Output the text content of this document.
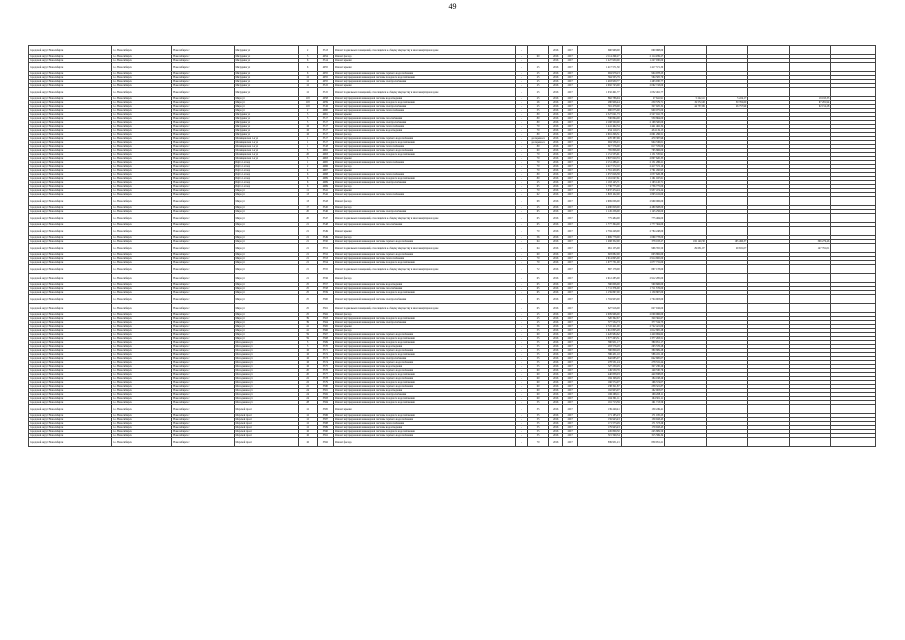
49
городской округ Новосибирск	г.о. Новосибирск	Новосибирск г	Мичурина ул	2	3513	Ремонт подвальных помещений, относящихся к общему имуществу в многоквартирном доме	-		2016	2017	690 968,00	690 968,00					
городской округ Новосибирск	г.о. Новосибирск	Новосибирск г	Мичурина ул	5	4954	Ремонт фасада	-	60	2016	2017	2 114 299,27	2 114 299,27					
городской округ Новосибирск	г.о. Новосибирск	Новосибирск г	Мичурина ул	6	3514	Ремонт крыши	-		2016	2017	1 227 930,00	1 227 930,00					
городской округ Новосибирск	г.о. Новосибирск	Новосибирск г	Мичурина ул	6	4955	Ремонт крыши	-	25	2016	2017	1 417 571,30	1 417 571,30					
городской округ Новосибирск	г.о. Новосибирск	Новосибирск г	Мичурина ул	6	4955	Ремонт внутридомовой инженерной системы горячего водоснабжения	-	25	2016	2017	904 978,23	904 978,23					
городской округ Новосибирск	г.о. Новосибирск	Новосибирск г	Мичурина ул	12	4955	Ремонт внутридомовой инженерной системы холодного водоснабжения	-	25	2016	2017	564 505,79	564 505,79					
городской округ Новосибирск	г.о. Новосибирск	Новосибирск г	Мичурина ул	12	4955	Ремонт внутридомовой инженерной системы электроснабжения	-	25	2016	2017	1 463 930,77	1 463 930,77					
городской округ Новосибирск	г.о. Новосибирск	Новосибирск г	Мичурина ул	12	3515	Ремонт крыши	-	25	2016	2017	2 092 743,00	2 092 743,00					
городской округ Новосибирск	г.о. Новосибирск	Новосибирск г	Мичурина ул	12	3515	Ремонт подвальных помещений, относящихся к общему имуществу в многоквартирном доме	-	25	2016	2017	1 032 491,77	1 032 491,77					
городской округ Новосибирск	г.о. Новосибирск	Новосибирск г	Мира ул	118	4958	Ремонт внутридомовой инженерной системы водоотведения	-	25	2016	2017	862 786,94	27 641,91	5 222,41	5 224,17		19 195,33	
городской округ Новосибирск	г.о. Новосибирск	Новосибирск г	Мира ул	118	4959	Ремонт внутридомовой инженерной системы холодного водоснабжения	-	26	2016	2017	280 906,44	250 579,71	19 572,48	30 762,60		97 281,94	
городской округ Новосибирск	г.о. Новосибирск	Новосибирск г	Мира ул	118	3516	Ремонт внутридомовой инженерной системы электроснабжения	-	25	2016	2017	591 478,00	327 925,32	44 757,99	26 757,99		92 152,28	
городской округ Новосибирск	г.о. Новосибирск	Новосибирск г	Мира ул	2	4960	Ремонт внутридомовой инженерной системы теплоснабжения	-	55	2016	2017	900 075,00	900 075,00					
городской округ Новосибирск	г.о. Новосибирск	Новосибирск г	Мичурина ул	5	4961	Ремонт крыши	-	80	2016	2017	2 527 041,73	2 527 041,73					
городской округ Новосибирск	г.о. Новосибирск	Новосибирск г	Мичурина ул	5	3517	Ремонт внутридомовой инженерной системы газоснабжения	-	80	2016	2017	530 864,00	530 864,00					
городской округ Новосибирск	г.о. Новосибирск	Новосибирск г	Мичурина ул	5	3517	Ремонт внутридомовой инженерной системы электроснабжения	-	80	2016	2017	2 168 500,00	2 168 500,00					
городской округ Новосибирск	г.о. Новосибирск	Новосибирск г	Мичурина ул	16	3517	Ремонт внутридомовой инженерной системы теплоснабжения	-	70	2016	2017	1 441 462,34	1 441 462,34					
городской округ Новосибирск	г.о. Новосибирск	Новосибирск г	Мичурина ул	16	3517	Ремонт внутридомовой инженерной системы водоотведения	-	70	2016	2017	454 119,15	454 119,15					
городской округ Новосибирск	г.о. Новосибирск	Новосибирск г	Мичурина ул	16	3517	Ремонт фасада	-	80	2016	2017	2 691 296,51	2 691 296,51					
городской округ Новосибирск	г.о. Новосибирск	Новосибирск г	Мочищенская 1-я ул	1	3517	Ремонт внутридомовой инженерной системы горячего водоснабжения	-	до переноса	2016	2017	470 387,96	470 387,96					
городской округ Новосибирск	г.о. Новосибирск	Новосибирск г	Мочищенская 1-я ул	1	3517	Ремонт внутридомовой инженерной системы холодного водоснабжения	-	до переноса	2016	2017	904 536,01	904 536,01					
городской округ Новосибирск	г.о. Новосибирск	Новосибирск г	Мочищенская 1-я ул	1	3518	Ремонт внутридомовой инженерной системы теплоснабжения	-	80	2016	2017	617 576,00	617 576,00					
городской округ Новосибирск	г.о. Новосибирск	Новосибирск г	Мочищенская 1-я ул	5	4962	Ремонт внутридомовой инженерной системы горячего водоснабжения	-	60	2016	2017	765 806,00	765 806,00					
городской округ Новосибирск	г.о. Новосибирск	Новосибирск г	Мочищенская 1-я ул	20	4963	Ремонт внутридомовой инженерной системы холодного водоснабжения	-	70	2016	2017	1 151 535,91	1 151 535,91					
городской округ Новосибирск	г.о. Новосибирск	Новосибирск г	Мочищенская 1-я ул	5	4963	Ремонт крыши	-	70	2016	2017	2 807 620,33	2 807 620,33					
городской округ Новосибирск	г.о. Новосибирск	Новосибирск г	Ифта 1-й пер	1	4965	Ремонт внутридомовой инженерной системы теплоснабжения	-	70	2016	2017	2 151 286,21	2 151 286,21					
городской округ Новосибирск	г.о. Новосибирск	Новосибирск г	Ифта 1-й пер	2	4966	Ремонт фасада	-	70	2016	2017	2 417 572,10	2 417 572,10					
городской округ Новосибирск	г.о. Новосибирск	Новосибирск г	Ифта 1-й пер	4	4967	Ремонт крыши	-	70	2016	2017	1 761 450,95	1 761 450,95					
городской округ Новосибирск	г.о. Новосибирск	Новосибирск г	Ифта 1-й пер	6	4968	Ремонт внутридомовой инженерной системы теплоснабжения	-	80	2016	2017	1 057 626,38	1 057 626,38					
городской округ Новосибирск	г.о. Новосибирск	Новосибирск г	Ифта 1-й пер	6	4969	Ремонт внутридомовой инженерной системы холодного водоснабжения	-	80	2016	2017	1 161 047,61	1 161 047,61					
городской округ Новосибирск	г.о. Новосибирск	Новосибирск г	Ифта 1-й пер	6	4969	Ремонт внутридомовой инженерной системы электроснабжения	-	25	2016	2017	1 163 145,71	1 163 145,71					
городской округ Новосибирск	г.о. Новосибирск	Новосибирск г	Ифта 1-й пер	6	4969	Ремонт фасада	-	65	2016	2017	1 736 775,00	1 736 775,00					
городской округ Новосибирск	г.о. Новосибирск	Новосибирск г	Мира ул	11	3541	Ремонт крыши	-	70	2016	2017	5 937 474,24	5 937 474,24					
городской округ Новосибирск	г.о. Новосибирск	Новосибирск г	Мира ул	13	3542	Ремонт внутридомовой инженерной системы теплоснабжения	-	62	2016	2017	1 803 102,00	1 803 102,00					
городской округ Новосибирск	г.о. Новосибирск	Новосибирск г	Мира ул	13	3543	Ремонт фасада	-	68	2016	2017	2 969 006,00	2 969 006,00					
городской округ Новосибирск	г.о. Новосибирск	Новосибирск г	Мира ул	17	3545	Ремонт фасада	-	25	2016	2017	4 480 828,00	4 480 828,00					
городской округ Новосибирск	г.о. Новосибирск	Новосибирск г	Мира ул	20	3546	Ремонт внутридомовой инженерной системы электроснабжения	-	65	2016	2017	1 145 256,00	1 145 256,00					
городской округ Новосибирск	г.о. Новосибирск	Новосибирск г	Мира ул	20	3547	Ремонт подвальных помещений, относящихся к общему имуществу в многоквартирном доме	-	65	2016	2017	775 484,00	775 484,00					
городской округ Новосибирск	г.о. Новосибирск	Новосибирск г	Мира ул	21	3548	Ремонт внутридомовой инженерной системы газоснабжения	-	65	2016	2017	1 777 364,00	1 777 364,00					
городской округ Новосибирск	г.о. Новосибирск	Новосибирск г	Мира ул	21	3549	Ремонт крыши	-	70	2016	2017	2 784 248,00	2 784 248,00					
городской округ Новосибирск	г.о. Новосибирск	Новосибирск г	Мира ул	21	3549	Ремонт фасада	-	56	2016	2017	1 669 778,00	1 669 778,00					
городской округ Новосибирск	г.о. Новосибирск	Новосибирск г	Мира ул	21	3550	Ремонт внутридомовой инженерной системы горячего водоснабжения	-	64	2016	2017	1 268 352,00	378 183,27	182 140,38	165 490,37		306 279,46	
городской округ Новосибирск	г.о. Новосибирск	Новосибирск г	Мира ул	21	3551	Ремонт подвальных помещений, относящихся к общему имуществу в многоквартирном доме	-	64	2016	2017	961 155,00	966 355,50	29 631,07	29 631,07		147 791,01	
городской округ Новосибирск	г.о. Новосибирск	Новосибирск г	Мира ул	21	3552	Ремонт внутридомовой инженерной системы горячего водоснабжения	-	60	2016	2017	603 882,00	603 882,00					
городской округ Новосибирск	г.о. Новосибирск	Новосибирск г	Мира ул	21	3553	Ремонт внутридомовой инженерной системы теплоснабжения	-	70	2016	2017	2 914 695,00	2 914 695,00					
городской округ Новосибирск	г.о. Новосибирск	Новосибирск г	Мира ул	21	3554	Ремонт внутридомовой инженерной системы холодного водоснабжения	-	70	2016	2017	1 077 731,00	1 077 731,00					
городской округ Новосибирск	г.о. Новосибирск	Новосибирск г	Мира ул	21	3555	Ремонт подвальных помещений, относящихся к общему имуществу в многоквартирном доме	-	72	2016	2017	867 178,00	867 178,00					
городской округ Новосибирск	г.о. Новосибирск	Новосибирск г	Мира ул	21	3556	Ремонт фасада	-	65	2016	2017	2 912 285,00	2 912 285,00					
городской округ Новосибирск	г.о. Новосибирск	Новосибирск г	Мира ул	25	3557	Ремонт внутридомовой инженерной системы водоотведения	-	65	2016	2017	590 606,00	590 606,00					
городской округ Новосибирск	г.о. Новосибирск	Новосибирск г	Мира ул	25	3558	Ремонт внутридомовой инженерной системы газоснабжения	-	65	2016	2017	1 711 376,00	1 711 376,00					
городской округ Новосибирск	г.о. Новосибирск	Новосибирск г	Мира ул	25	3559	Ремонт внутридомовой инженерной системы холодного водоснабжения	-	65	2016	2017	1 159 867,00	1 159 867,00					
городской округ Новосибирск	г.о. Новосибирск	Новосибирск г	Мира ул	25	3560	Ремонт внутридомовой инженерной системы электроснабжения	-	65	2016	2017	1 704 903,00	1 704 903,00					
городской округ Новосибирск	г.о. Новосибирск	Новосибирск г	Мира ул	25	3561	Ремонт подвальных помещений, относящихся к общему имуществу в многоквартирном доме	-	65	2016	2017	627 916,00	627 916,00					
городской округ Новосибирск	г.о. Новосибирск	Новосибирск г	Мира ул	25	3562	Ремонт фасада	-	25	2016	2017	2 009 966,00	2 009 966,00					
городской округ Новосибирск	г.о. Новосибирск	Новосибирск г	Мира ул	39	3563	Ремонт внутридомовой инженерной системы холодного водоснабжения	-	25	2016	2017	320 362,67	320 362,67					
городской округ Новосибирск	г.о. Новосибирск	Новосибирск г	Мира ул	39	3564	Ремонт внутридомовой инженерной системы электроснабжения	-	25	2016	2017	377 534,73	377 534,73					
городской округ Новосибирск	г.о. Новосибирск	Новосибирск г	Мира ул	41	3565	Ремонт крыши	-	56	2016	2017	2 722 421,00	2 722 421,00					
городской округ Новосибирск	г.о. Новосибирск	Новосибирск г	Мира ул	41	3566	Ремонт фасада	-	55	2016	2017	1 612 805,28	1 612 805,28					
городской округ Новосибирск	г.о. Новосибирск	Новосибирск г	Мира ул	59	3567	Ремонт внутридомовой инженерной системы горячего водоснабжения	-	60	2016	2017	1 420 984,62	1 420 984,62					
городской округ Новосибирск	г.о. Новосибирск	Новосибирск г	Мира ул	59	3568	Ремонт внутридомовой инженерной системы холодного водоснабжения	-	55	2016	2017	1 377 263,51	1 377 263,51					
городской округ Новосибирск	г.о. Новосибирск	Новосибирск г	Молодежная ул	3	3569	Ремонт внутридомовой инженерной системы холодного водоснабжения	-	55	2016	2017	380 951,17	380 951,17					
городской округ Новосибирск	г.о. Новосибирск	Новосибирск г	Молодежная ул	3	3570	Ремонт внутридомовой инженерной системы водоотведения	-	55	2016	2017	293 576,28	293 576,28					
городской округ Новосибирск	г.о. Новосибирск	Новосибирск г	Молодежная ул	16	3571	Ремонт внутридомовой инженерной системы горячего водоснабжения	-	55	2016	2017	380 809,28	380 809,28					
городской округ Новосибирск	г.о. Новосибирск	Новосибирск г	Молодежная ул	16	3572	Ремонт внутридомовой инженерной системы холодного водоснабжения	-	55	2016	2017	586 431,10	586 431,10					
городской округ Новосибирск	г.о. Новосибирск	Новосибирск г	Молодежная ул	16	3573	Ремонт внутридомовой инженерной системы электроснабжения	-	55	2016	2017	642 685,07	642 685,07					
городской округ Новосибирск	г.о. Новосибирск	Новосибирск г	Молодежная ул	16	3574	Ремонт внутридомовой инженерной системы горячего водоснабжения	-	55	2016	2017	278 531,24	278 531,24					
городской округ Новосибирск	г.о. Новосибирск	Новосибирск г	Молодежная ул	16	3575	Ремонт внутридомовой инженерной системы водоотведения	-	55	2016	2017	327 230,29	327 230,29					
городской округ Новосибирск	г.о. Новосибирск	Новосибирск г	Молодежная ул	20	3576	Ремонт внутридомовой инженерной системы горячего водоснабжения	-	60	2016	2017	149 530,76	149 530,76					
городской округ Новосибирск	г.о. Новосибирск	Новосибирск г	Молодежная ул	20	3577	Ремонт внутридомовой инженерной системы холодного водоснабжения	-	60	2016	2017	440 838,03	440 838,03					
городской округ Новосибирск	г.о. Новосибирск	Новосибирск г	Молодежная ул	22	3578	Ремонт внутридомовой инженерной системы горячего водоснабжения	-	60	2016	2017	184 198,29	184 198,29					
городской округ Новосибирск	г.о. Новосибирск	Новосибирск г	Молодежная ул	22	3579	Ремонт внутридомовой инженерной системы холодного водоснабжения	-	60	2016	2017	166 574,07	166 574,07					
городской округ Новосибирск	г.о. Новосибирск	Новосибирск г	Молодежная ул	22	3580	Ремонт внутридомовой инженерной системы горячего водоснабжения	-	60	2016	2017	238 321,87	238 321,87					
городской округ Новосибирск	г.о. Новосибирск	Новосибирск г	Молодежная ул	24	3581	Ремонт внутридомовой инженерной системы водоотведения	-	60	2016	2017	162 903,07	162 903,07					
городской округ Новосибирск	г.о. Новосибирск	Новосибирск г	Молодежная ул	24	3582	Ремонт внутридомовой инженерной системы электроснабжения	-	60	2016	2017	166 268,11	166 268,11					
городской округ Новосибирск	г.о. Новосибирск	Новосибирск г	Молодежная ул	24	3583	Ремонт внутридомовой инженерной системы холодного водоснабжения	-	60	2016	2017	164 301,11	164 301,11					
городской округ Новосибирск	г.о. Новосибирск	Новосибирск г	Молодежная ул	28	3584	Ремонт внутридомовой инженерной системы холодного водоснабжения	-	55	2016	2017	191 713,59	191 713,59					
городской округ Новосибирск	г.о. Новосибирск	Новосибирск г	Морской пр-кт	12	3585	Ремонт крыши	-	35	2016	2017	139 249,41	139 249,41					
городской округ Новосибирск	г.о. Новосибирск	Новосибирск г	Морской пр-кт	12	3586	Ремонт внутридомовой инженерной системы холодного водоснабжения	-	55	2016	2017	171 185,23	171 185,23					
городской округ Новосибирск	г.о. Новосибирск	Новосибирск г	Морской пр-кт	12	3587	Ремонт внутридомовой инженерной системы горячего водоснабжения	-	55	2016	2017	159 943,43	159 943,43					
городской округ Новосибирск	г.о. Новосибирск	Новосибирск г	Морской пр-кт	12	3588	Ремонт внутридомовой инженерной системы теплоснабжения	-	55	2016	2017	171 573,29	171 573,29					
городской округ Новосибирск	г.о. Новосибирск	Новосибирск г	Морской пр-кт	12	3589	Ремонт внутридомовой инженерной системы водоотведения	-	55	2016	2017	179 943,43	179 943,43					
городской округ Новосибирск	г.о. Новосибирск	Новосибирск г	Морской пр-кт	16	3590	Ремонт внутридомовой инженерной системы холодного водоснабжения	-	55	2016	2017	245 809,50	245 809,50					
городской округ Новосибирск	г.о. Новосибирск	Новосибирск г	Морской пр-кт	16	3591	Ремонт внутридомовой инженерной системы горячего водоснабжения	-	55	2016	2017	315 599,34	315 599,34					
городской округ Новосибирск	г.о. Новосибирск	Новосибирск г	Морской пр-кт	16	3592	Ремонт фасада	-	70	2016	2017	839 951,21	839 951,21					
